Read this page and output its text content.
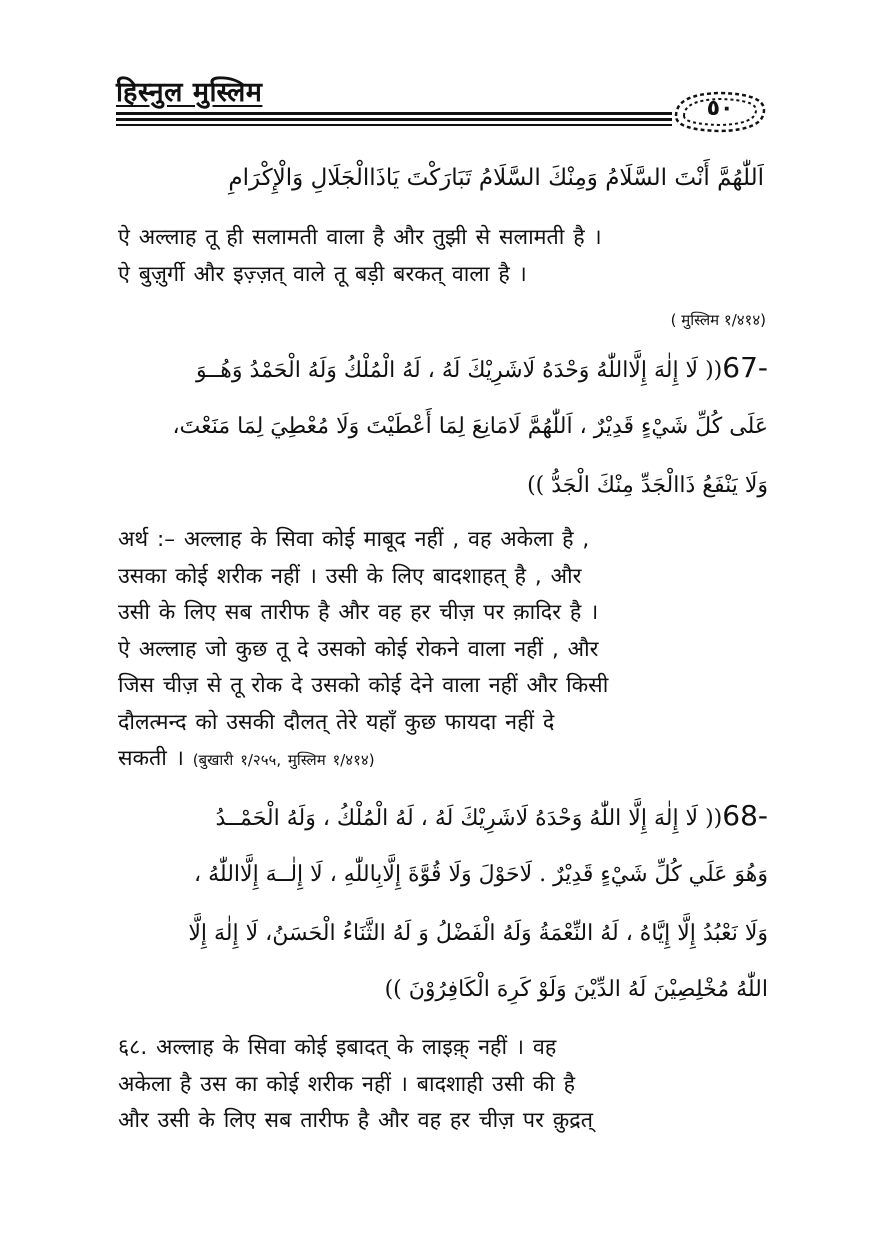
हिस्नुल मुस्लिम
٥٠
اَللّٰهُمَّ أَنْتَ السَّلَامُ وَمِنْكَ السَّلَامُ تَبَارَكْتَ يَاذَاالْجَلَالِ وَالْإِكْرَامِ
ऐ अल्लाह तू ही सलामती वाला है और तुझी से सलामती है ।
ऐ बुज़ुर्गी और इज़्ज़त् वाले तू बड़ी बरकत् वाला है ।
( मुस्लिम १/४१४)
67-(( لَا إِلٰهَ إِلَّااللّٰهُ وَحْدَهُ لَاشَرِيْكَ لَهُ ، لَهُ الْمُلْكُ وَلَهُ الْحَمْدُ وَهُــوَ
عَلَى كُلِّ شَيْءٍ قَدِيْرٌ ، اَللّٰهُمَّ لَامَانِعَ لِمَا أَعْطَيْتَ وَلَا مُعْطِيَ لِمَا مَنَعْتَ،
وَلَا يَنْفَعُ ذَاالْجَدِّ مِنْكَ الْجَدُّ ))
अर्थ :– अल्लाह के सिवा कोई माबूद नहीं , वह अकेला है ,
उसका कोई शरीक नहीं । उसी के लिए बादशाहत् है , और
उसी के लिए सब तारीफ है और वह हर चीज़ पर क़ादिर है ।
ऐ अल्लाह जो कुछ तू दे उसको कोई रोकने वाला नहीं , और
जिस चीज़ से तू रोक दे उसको कोई देने वाला नहीं और किसी
दौलत्मन्द को उसकी दौलत् तेरे यहाँ कुछ फायदा नहीं दे
सकती । (बुखारी १/२५५, मुस्लिम १/४१४)
68-(( لَا إِلٰهَ إِلَّا اللّٰهُ وَحْدَهُ لَاشَرِيْكَ لَهُ ، لَهُ الْمُلْكُ ، وَلَهُ الْحَمْــدُ
وَهُوَ عَلَي كُلِّ شَيْءٍ قَدِيْرٌ . لَاحَوْلَ وَلَا قُوَّةَ إِلَّابِاللّٰهِ ، لَا إِلٰــهَ إِلَّااللّٰهُ ،
وَلَا نَعْبُدُ إِلَّا إِيَّاهُ ، لَهُ النِّعْمَةُ وَلَهُ الْفَضْلُ وَ لَهُ الثَّنَاءُ الْحَسَنُ، لَا إِلٰهَ إِلَّا
اللّٰهُ مُخْلِصِيْنَ لَهُ الدِّيْنَ وَلَوْ كَرِهَ الْكَافِرُوْنَ ))
६८. अल्लाह के सिवा कोई इबादत् के लाइक़् नहीं । वह
अकेला है उस का कोई शरीक नहीं । बादशाही उसी की है
और उसी के लिए सब तारीफ है और वह हर चीज़ पर क़ुद्रत्
